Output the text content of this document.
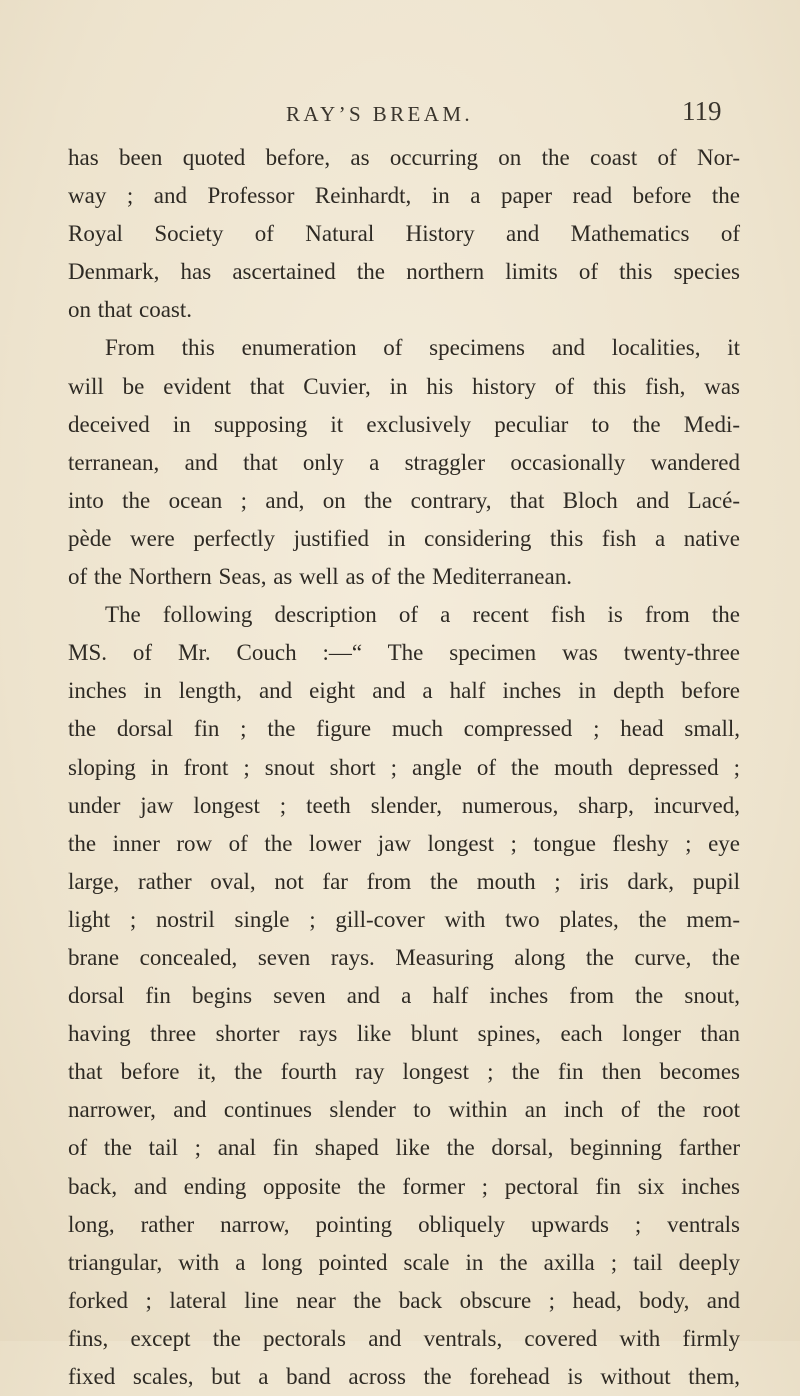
RAY’S BREAM.	119
has been quoted before, as occurring on the coast of Nor-
way ; and Professor Reinhardt, in a paper read before the
Royal Society of Natural History and Mathematics of
Denmark, has ascertained the northern limits of this species
on that coast.
From this enumeration of specimens and localities, it
will be evident that Cuvier, in his history of this fish, was
deceived in supposing it exclusively peculiar to the Medi-
terranean, and that only a straggler occasionally wandered
into the ocean ; and, on the contrary, that Bloch and Lacé-
pède were perfectly justified in considering this fish a native
of the Northern Seas, as well as of the Mediterranean.
The following description of a recent fish is from the
MS. of Mr. Couch :—“ The specimen was twenty-three
inches in length, and eight and a half inches in depth before
the dorsal fin ; the figure much compressed ; head small,
sloping in front ; snout short ; angle of the mouth depressed ;
under jaw longest ; teeth slender, numerous, sharp, incurved,
the inner row of the lower jaw longest ; tongue fleshy ; eye
large, rather oval, not far from the mouth ; iris dark, pupil
light ; nostril single ; gill-cover with two plates, the mem-
brane concealed, seven rays. Measuring along the curve, the
dorsal fin begins seven and a half inches from the snout,
having three shorter rays like blunt spines, each longer than
that before it, the fourth ray longest ; the fin then becomes
narrower, and continues slender to within an inch of the root
of the tail ; anal fin shaped like the dorsal, beginning farther
back, and ending opposite the former ; pectoral fin six inches
long, rather narrow, pointing obliquely upwards ; ventrals
triangular, with a long pointed scale in the axilla ; tail deeply
forked ; lateral line near the back obscure ; head, body, and
fins, except the pectorals and ventrals, covered with firmly
fixed scales, but a band across the forehead is without them,
